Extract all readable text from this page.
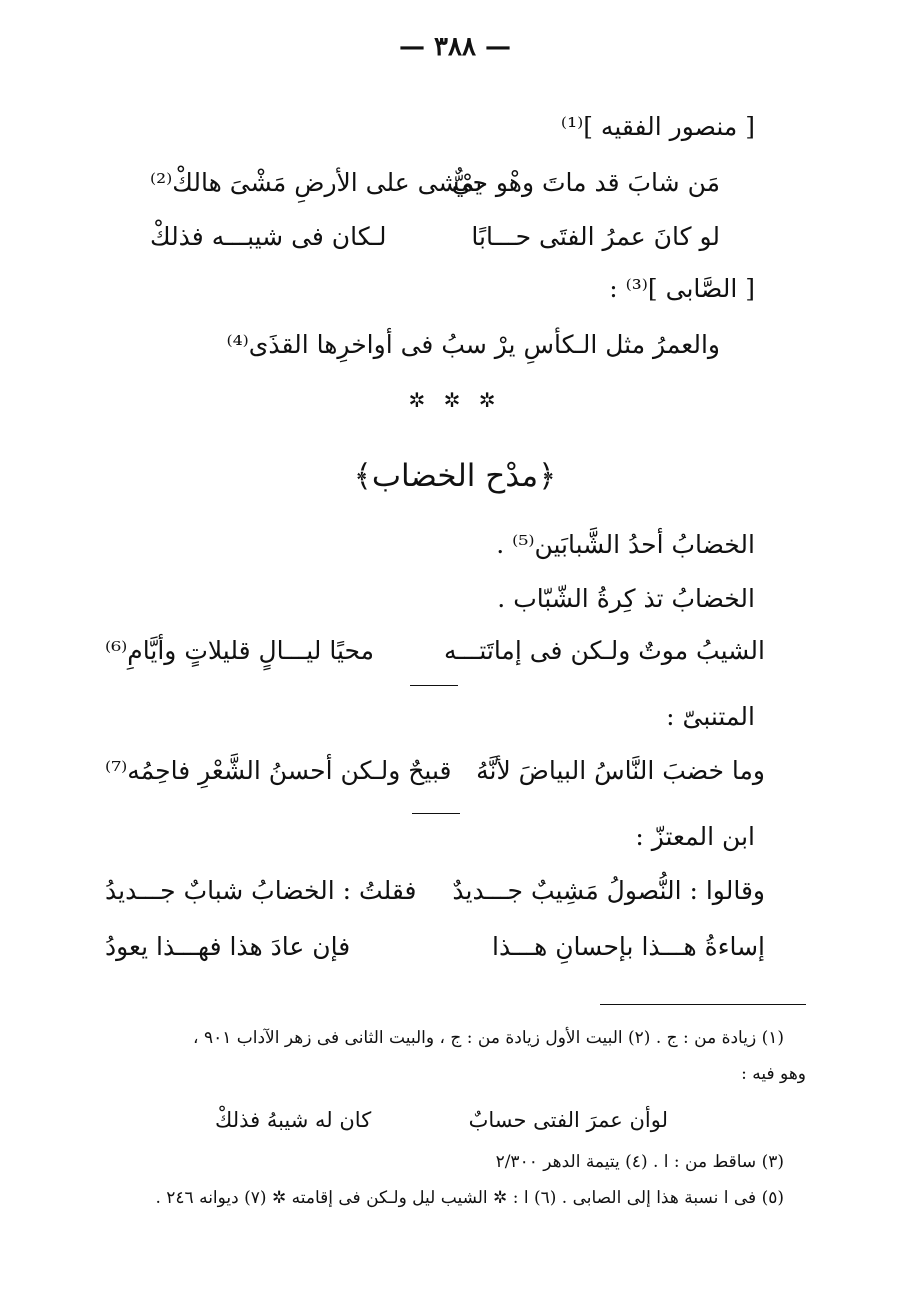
— ٣٨٨ —
[ منصور الفقيه ]⁽¹⁾
مَن شابَ قد ماتَ وهْو حيٌّ
يمْشى على الأرضِ مَشْىَ هالكْ⁽²⁾
لو كانَ عمرُ الفتَى حـــابًا
لـكان فى شيبـــه فذلكْ
[ الصَّابى ]⁽³⁾ :
والعمرُ مثل الـكأسِ يرْ سبُ فى أواخرِها القذَى⁽⁴⁾
✲ ✲ ✲
﴿مدْح الخضاب﴾
الخضابُ أحدُ الشَّبابَين⁽⁵⁾ .
الخضابُ تذ كِرةُ الشّبّاب .
الشيبُ موتٌ ولـكن فى إماتَتـــه
محيًا ليـــالٍ قليلاتٍ وأيَّامِ⁽⁶⁾
المتنبىّ :
وما خضبَ النَّاسُ البياضَ لأنَّهُ
قبيحٌ ولـكن أحسنُ الشَّعْرِ فاحِمُه⁽⁷⁾
ابن المعتزّ :
وقالوا : النُّصولُ مَشِيبٌ جـــديدٌ
فقلتُ : الخضابُ شبابٌ جـــديدُ
إساءةُ هـــذا بإحسانِ هـــذا
فإن عادَ هذا فهـــذا يعودُ
(١) زيادة من : ج . (٢) البيت الأول زيادة من : ج ، والبيت الثانى فى زهر الآداب ٩٠١ ،
وهو فيه :
لوأن عمرَ الفتى حسابٌ
كان له شيبهُ فذلكْ
(٣) ساقط من : ا . (٤) يتيمة الدهر ٢/٣٠٠
(٥) فى ا نسبة هذا إلى الصابى . (٦) ا : ✲ الشيب ليل ولـكن فى إقامته ✲ (٧) ديوانه ٢٤٦ .
